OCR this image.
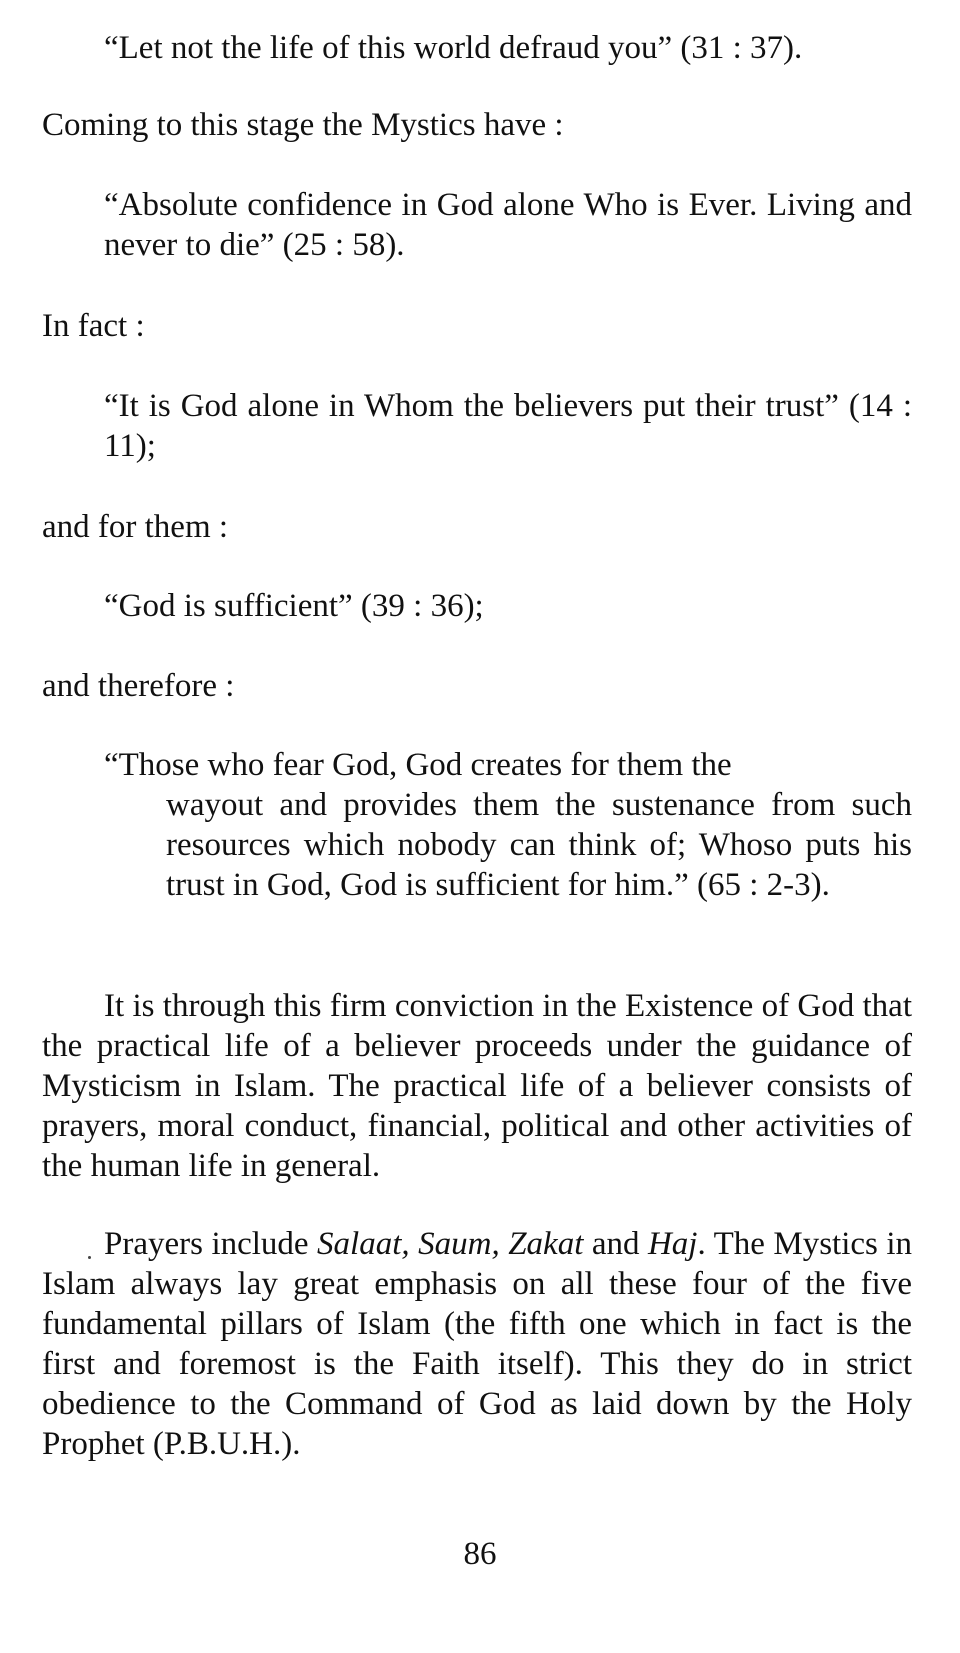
“Let not the life of this world defraud you” (31 : 37).

Coming to this stage the Mystics have :

“Absolute confidence in God alone Who is Ever. Living and never to die” (25 : 58).

In fact :

“It is God alone in Whom the believers put their trust” (14 : 11);

and for them :

“God is sufficient” (39 : 36);

and therefore :

“Those who fear God, God creates for them the
wayout and provides them the sustenance from such resources which nobody can think of; Whoso puts his trust in God, God is sufficient for him.” (65 : 2-3).

It is through this firm conviction in the Existence of God that the practical life of a believer proceeds under the guidance of Mysticism in Islam. The practical life of a believer consists of prayers, moral conduct, financial, political and other activities of the human life in general.

Prayers include Salaat, Saum, Zakat and Haj. The Mystics in Islam always lay great emphasis on all these four of the five fundamental pillars of Islam (the fifth one which in fact is the first and foremost is the Faith itself). This they do in strict obedience to the Command of God as laid down by the Holy Prophet (P.B.U.H.).

86
